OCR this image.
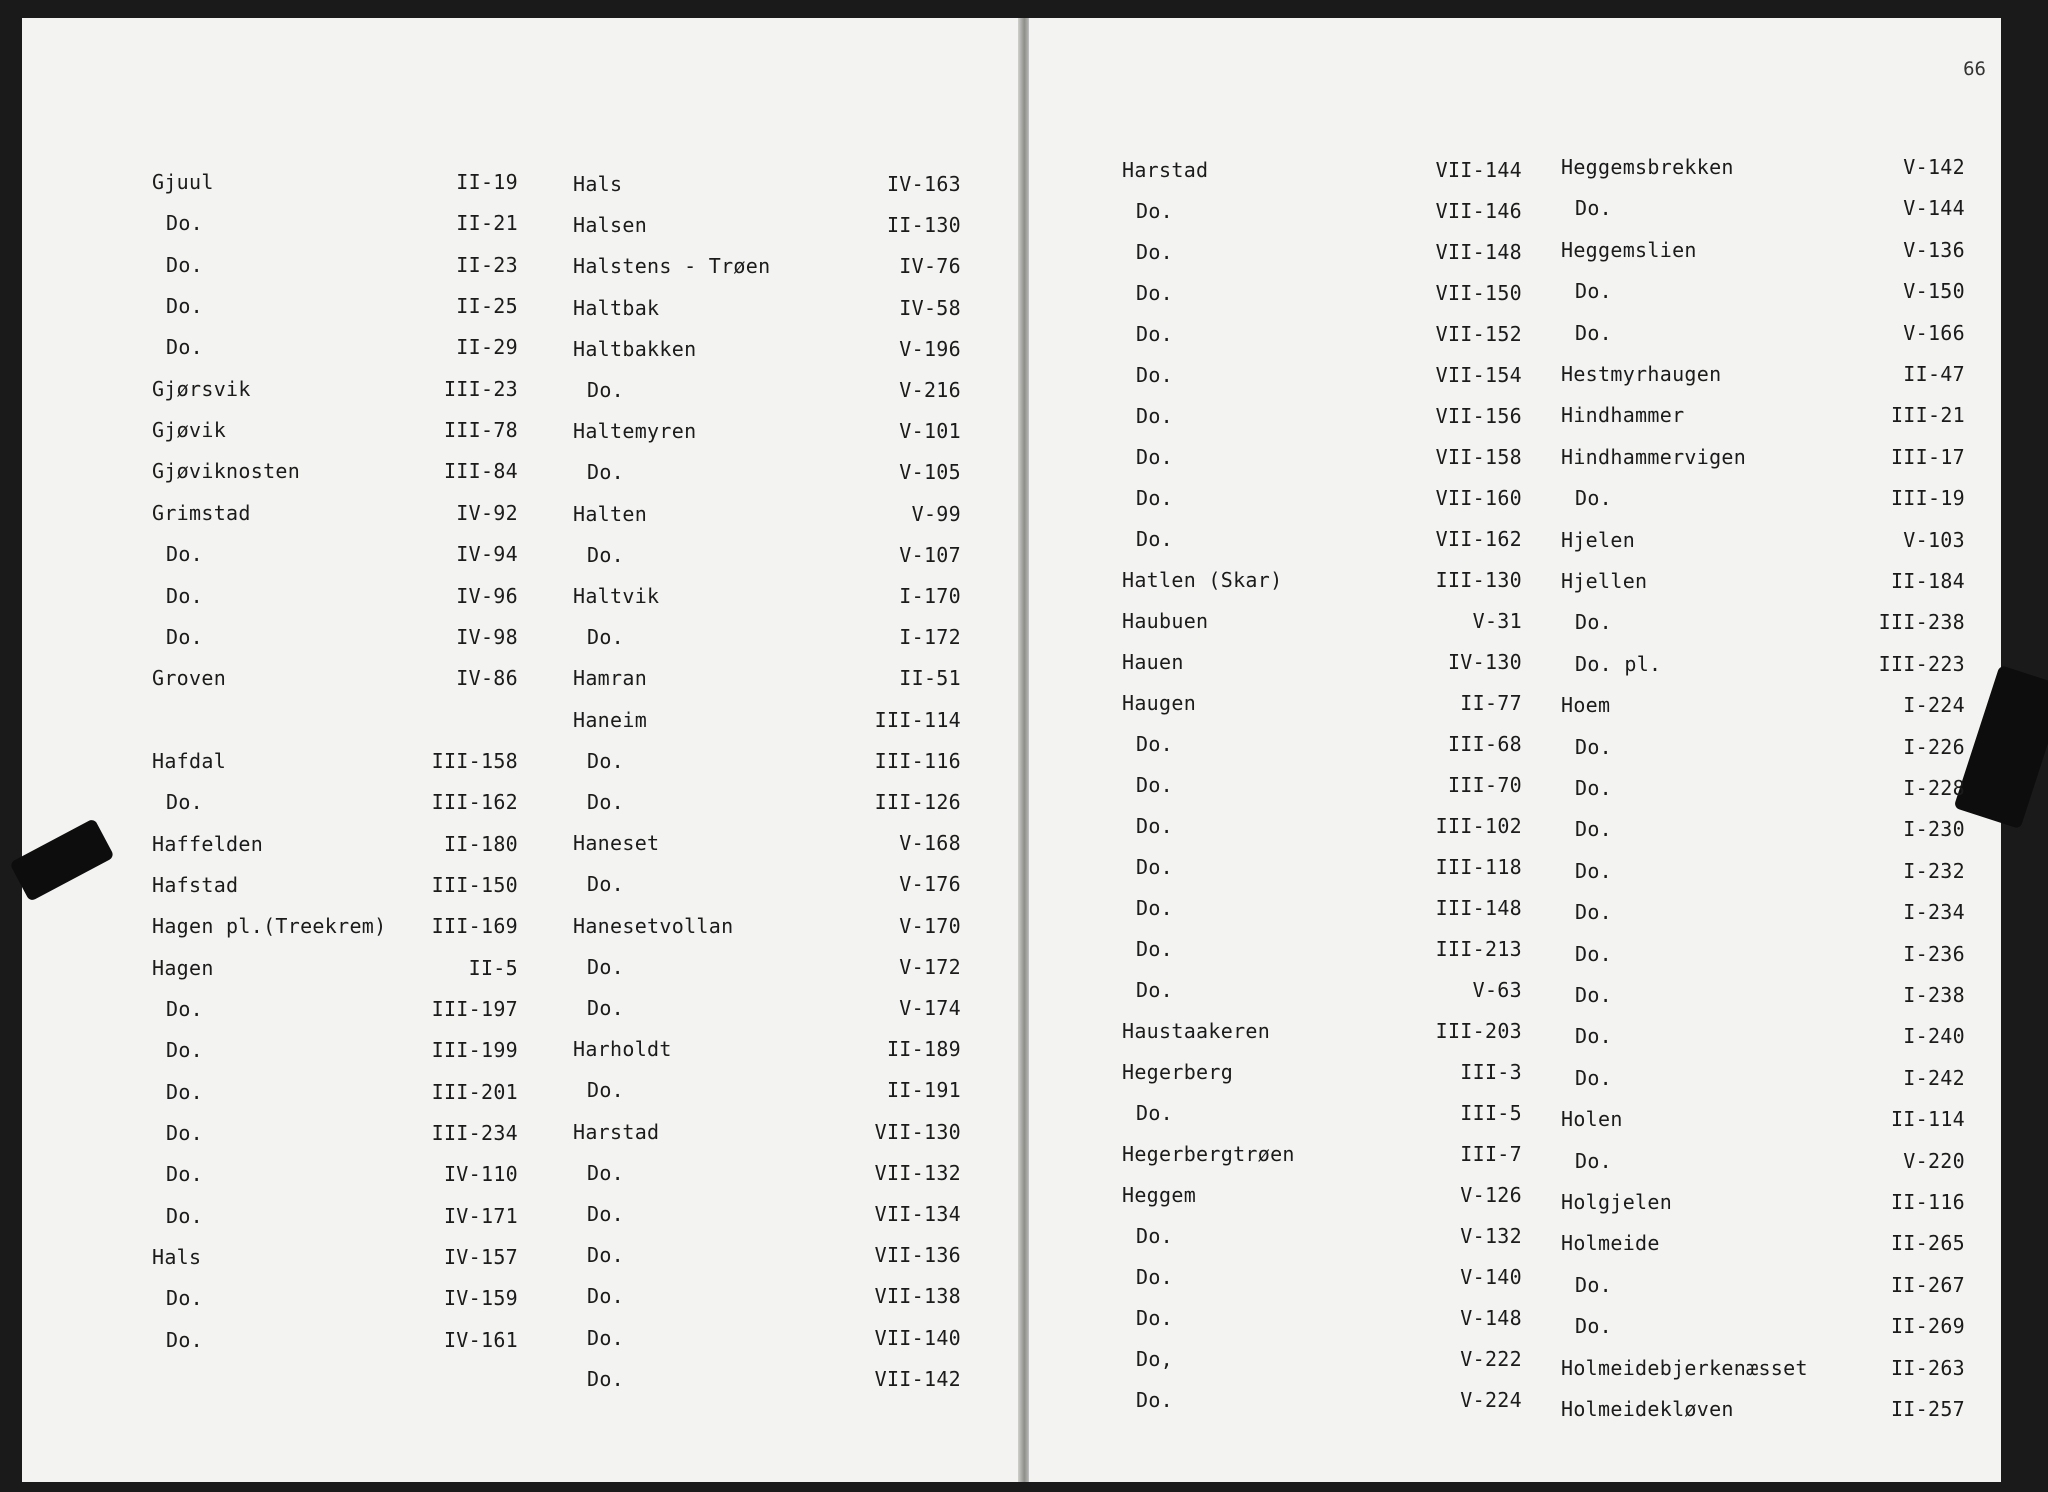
66
Gjuul	II-19
Do.	II-21
Do.	II-23
Do.	II-25
Do.	II-29
Gjørsvik	III-23
Gjøvik	III-78
Gjøviknosten	III-84
Grimstad	IV-92
Do.	IV-94
Do.	IV-96
Do.	IV-98
Groven	IV-86
Hafdal	III-158
Do.	III-162
Haffelden	II-180
Hafstad	III-150
Hagen pl.(Treekrem) III-169
Hagen	II-5
Do.	III-197
Do.	III-199
Do.	III-201
Do.	III-234
Do.	IV-110
Do.	IV-171
Hals	IV-157
Do.	IV-159
Do.	IV-161
Hals	IV-163
Halsen	II-130
Halstens - Trøen	IV-76
Haltbak	IV-58
Haltbakken	V-196
Do.	V-216
Haltemyren	V-101
Do.	V-105
Halten	V-99
Do.	V-107
Haltvik	I-170
Do.	I-172
Hamran	II-51
Haneim	III-114
Do.	III-116
Do.	III-126
Haneset	V-168
Do.	V-176
Hanesetvollan	V-170
Do.	V-172
Do.	V-174
Harholdt	II-189
Do.	II-191
Harstad	VII-130
Do.	VII-132
Do.	VII-134
Do.	VII-136
Do.	VII-138
Do.	VII-140
Do.	VII-142
Harstad	VII-144
Do.	VII-146
Do.	VII-148
Do.	VII-150
Do.	VII-152
Do.	VII-154
Do.	VII-156
Do.	VII-158
Do.	VII-160
Do.	VII-162
Hatlen (Skar)	III-130
Haubuen	V-31
Hauen	IV-130
Haugen	II-77
Do.	III-68
Do.	III-70
Do.	III-102
Do.	III-118
Do.	III-148
Do.	III-213
Do.	V-63
Haustaakeren	III-203
Hegerberg	III-3
Do.	III-5
Hegerbergtrøen	III-7
Heggem	V-126
Do.	V-132
Do.	V-140
Do.	V-148
Do,	V-222
Do.	V-224
Heggemsbrekken	V-142
Do.	V-144
Heggemslien	V-136
Do.	V-150
Do.	V-166
Hestmyrhaugen	II-47
Hindhammer	III-21
Hindhammervigen	III-17
Do.	III-19
Hjelen	V-103
Hjellen	II-184
Do.	III-238
Do. pl.	III-223
Hoem	I-224
Do.	I-226
Do.	I-228
Do.	I-230
Do.	I-232
Do.	I-234
Do.	I-236
Do.	I-238
Do.	I-240
Do.	I-242
Holen	II-114
Do.	V-220
Holgjelen	II-116
Holmeide	II-265
Do.	II-267
Do.	II-269
Holmeidebjerkenæsset	II-263
Holmeidekløven	II-257
